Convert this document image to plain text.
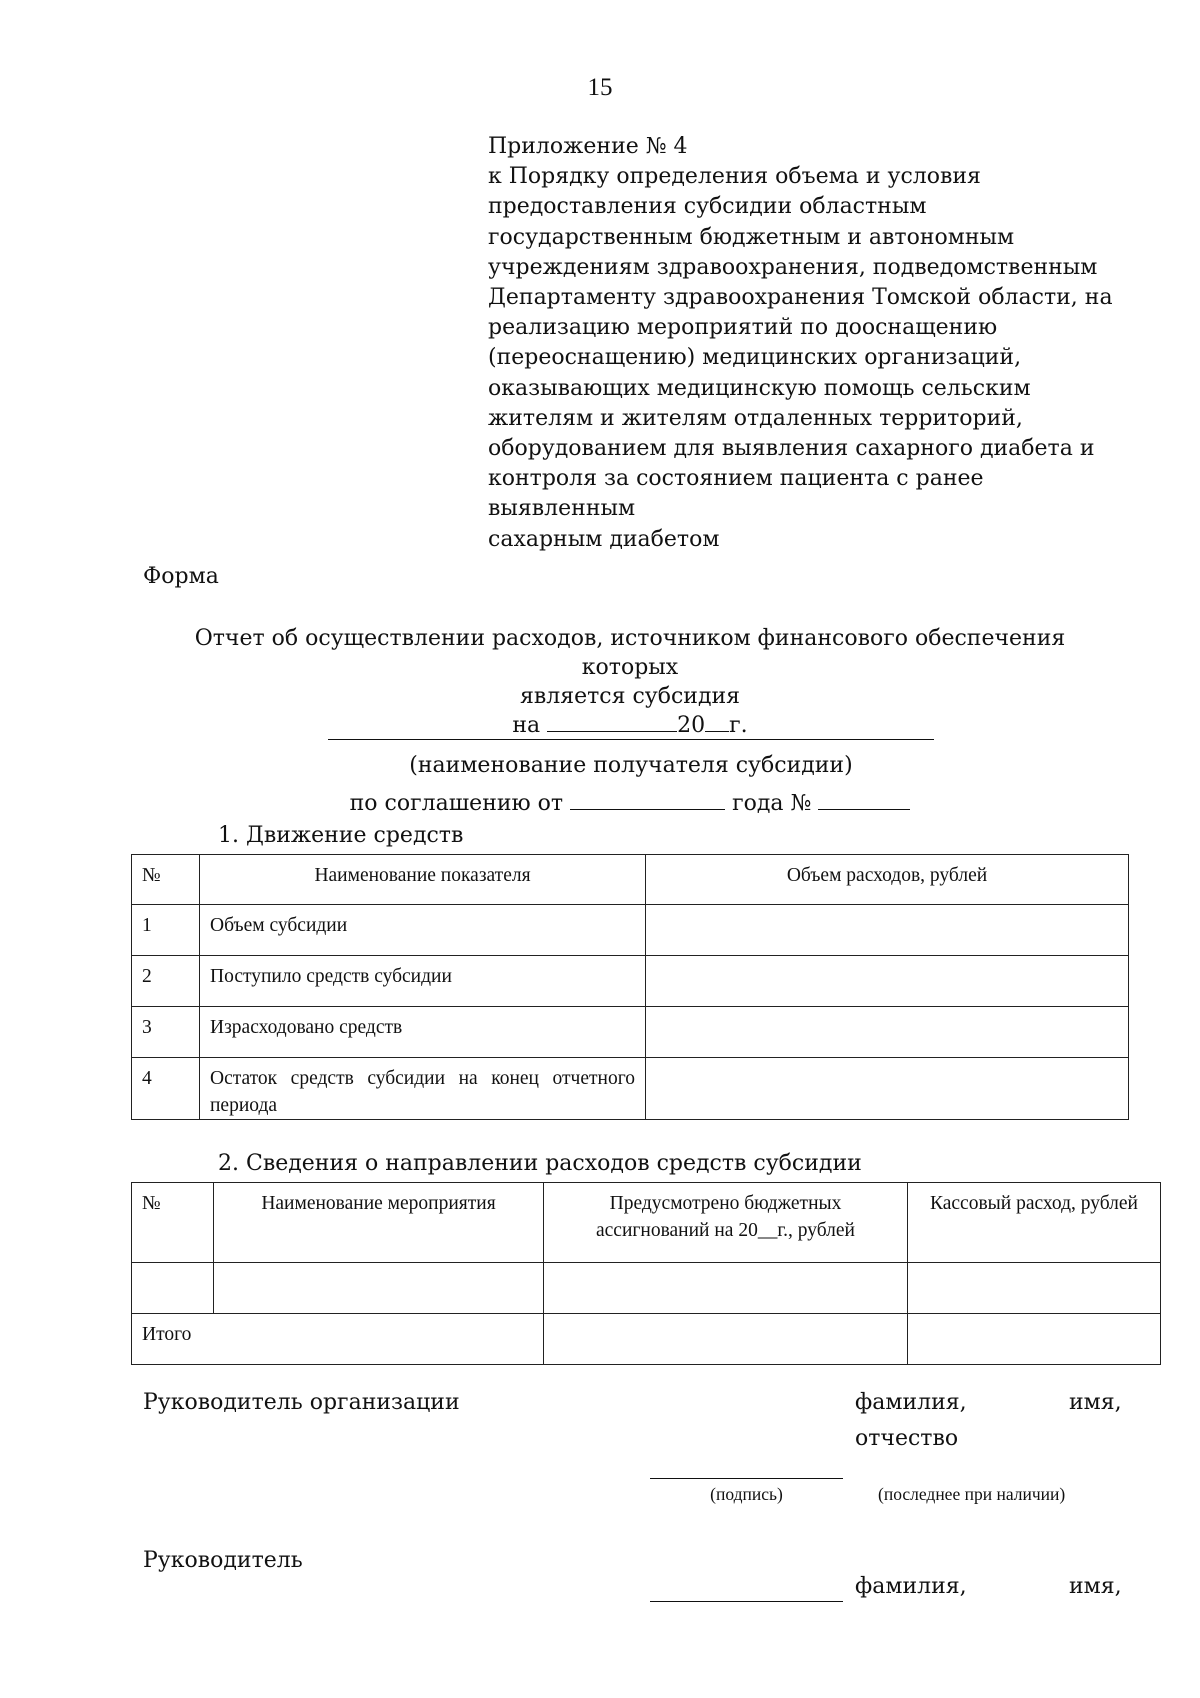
15

Приложение № 4

к Порядку определения объема и условия

предоставления субсидии областным

государственным бюджетным и автономным

учреждениям здравоохранения, подведомственным

Департаменту здравоохранения Томской области, на

реализацию мероприятий по дооснащению

(переоснащению) медицинских организаций,

оказывающих медицинскую помощь сельским

жителям и жителям отдаленных территорий,

оборудованием для выявления сахарного диабета и

контроля за состоянием пациента с ранее выявленным

сахарным диабетом

Форма
Отчет об осуществлении расходов, источником финансового обеспечения которых
является субсидия
на	20 г.
(наименование получателя субсидии)
по соглашению от	года №
1. Движение средств
№	Наименование показателя	Объем расходов, рублей
1	Объем субсидии	
2	Поступило средств субсидии	
3	Израсходовано средств	
4	Остаток средств субсидии на конец отчетного периода	
2. Сведения о направлении расходов средств субсидии
№	Наименование мероприятия	Предусмотрено бюджетных ассигнований на 20__г., рублей	Кассовый расход, рублей

Итого			
Руководитель организации	фамилия,	имя,
отчество
(подпись)	(последнее при наличии)
Руководитель
фамилия,	имя,
